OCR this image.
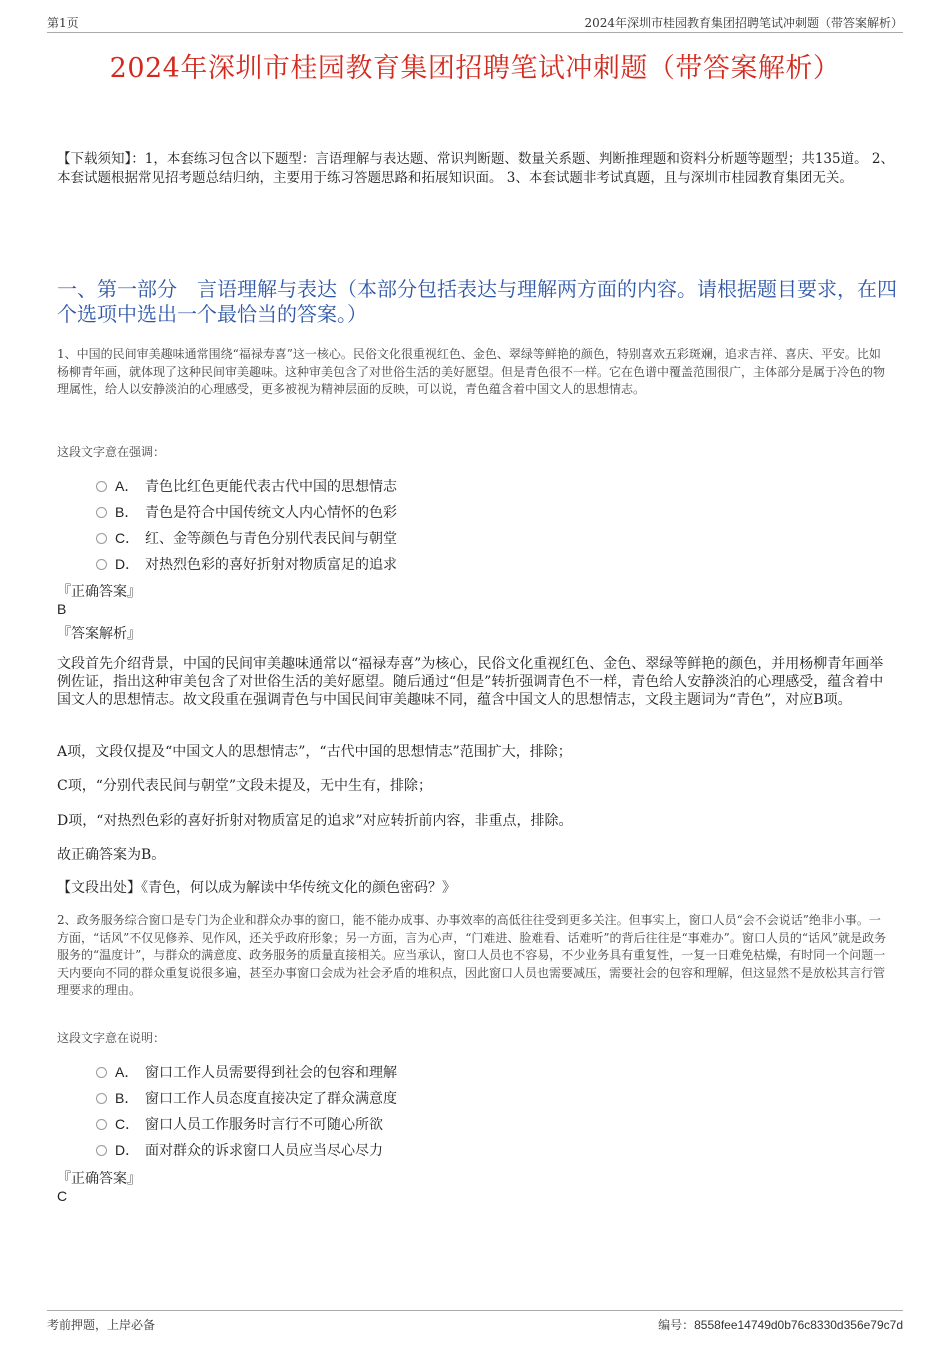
第1页	2024年深圳市桂园教育集团招聘笔试冲刺题（带答案解析）
2024年深圳市桂园教育集团招聘笔试冲刺题（带答案解析）
【下载须知】：1，本套练习包含以下题型：言语理解与表达题、常识判断题、数量关系题、判断推理题和资料分析题等题型；共135道。 2、本套试题根据常见招考题总结归纳，主要用于练习答题思路和拓展知识面。 3、本套试题非考试真题，且与深圳市桂园教育集团无关。
一、第一部分　言语理解与表达（本部分包括表达与理解两方面的内容。请根据题目要求，在四个选项中选出一个最恰当的答案。）
1、中国的民间审美趣味通常围绕“福禄寿喜”这一核心。民俗文化很重视红色、金色、翠绿等鲜艳的颜色，特别喜欢五彩斑斓，追求吉祥、喜庆、平安。比如杨柳青年画，就体现了这种民间审美趣味。这种审美包含了对世俗生活的美好愿望。但是青色很不一样。它在色谱中覆盖范围很广，主体部分是属于冷色的物理属性，给人以安静淡泊的心理感受，更多被视为精神层面的反映，可以说，青色蕴含着中国文人的思想情志。
这段文字意在强调：
A． 青色比红色更能代表古代中国的思想情志
B． 青色是符合中国传统文人内心情怀的色彩
C． 红、金等颜色与青色分别代表民间与朝堂
D． 对热烈色彩的喜好折射对物质富足的追求
『正确答案』
B
『答案解析』
文段首先介绍背景，中国的民间审美趣味通常以“福禄寿喜”为核心，民俗文化重视红色、金色、翠绿等鲜艳的颜色，并用杨柳青年画举例佐证，指出这种审美包含了对世俗生活的美好愿望。随后通过“但是”转折强调青色不一样，青色给人安静淡泊的心理感受，蕴含着中国文人的思想情志。故文段重在强调青色与中国民间审美趣味不同，蕴含中国文人的思想情志，文段主题词为“青色”，对应B项。
A项，文段仅提及“中国文人的思想情志”，“古代中国的思想情志”范围扩大，排除；
C项，“分别代表民间与朝堂”文段未提及，无中生有，排除；
D项，“对热烈色彩的喜好折射对物质富足的追求”对应转折前内容，非重点，排除。
故正确答案为B。
【文段出处】《青色，何以成为解读中华传统文化的颜色密码？》
2、政务服务综合窗口是专门为企业和群众办事的窗口，能不能办成事、办事效率的高低往往受到更多关注。但事实上，窗口人员“会不会说话”绝非小事。一方面，“话风”不仅见修养、见作风，还关乎政府形象；另一方面，言为心声，“门难进、脸难看、话难听”的背后往往是“事难办”。窗口人员的“话风”就是政务服务的“温度计”，与群众的满意度、政务服务的质量直接相关。应当承认，窗口人员也不容易，不少业务具有重复性，一复一日难免枯燥，有时同一个问题一天内要向不同的群众重复说很多遍，甚至办事窗口会成为社会矛盾的堆积点，因此窗口人员也需要减压，需要社会的包容和理解，但这显然不是放松其言行管理要求的理由。
这段文字意在说明：
A． 窗口工作人员需要得到社会的包容和理解
B． 窗口工作人员态度直接决定了群众满意度
C． 窗口人员工作服务时言行不可随心所欲
D． 面对群众的诉求窗口人员应当尽心尽力
『正确答案』
C
考前押题，上岸必备	编号：8558fee14749d0b76c8330d356e79c7d
